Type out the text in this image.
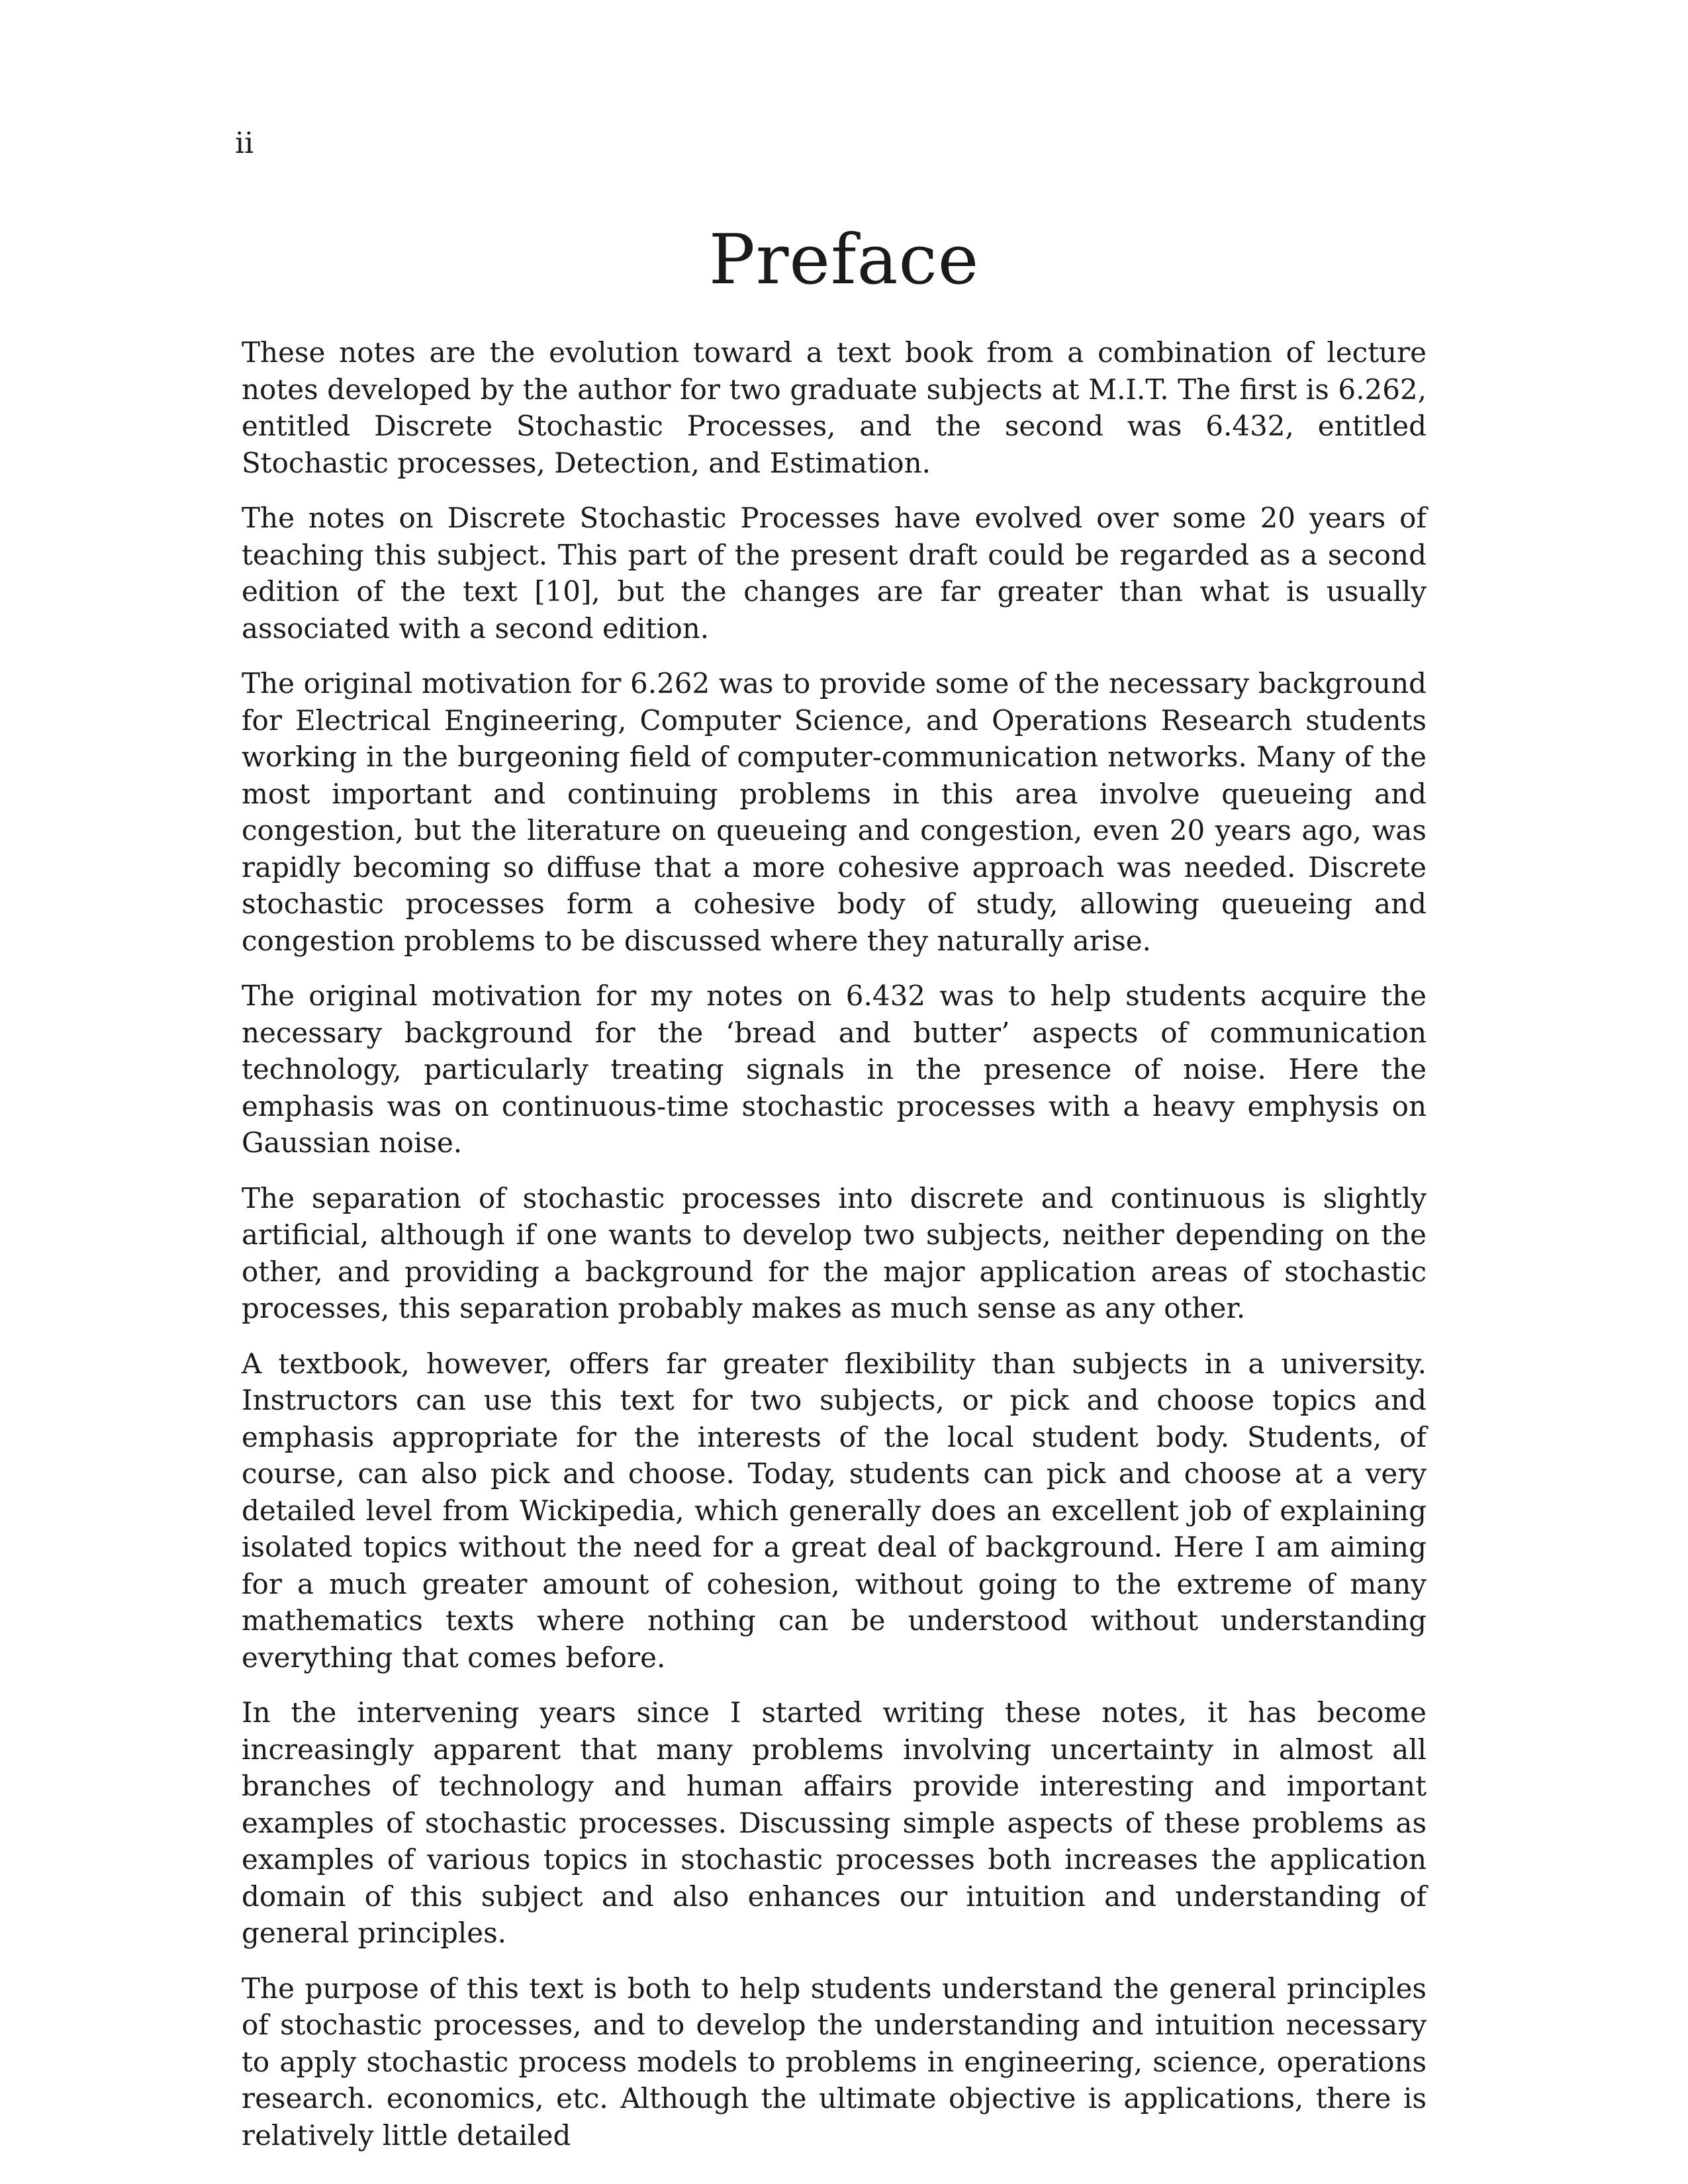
ii
Preface

These notes are the evolution toward a text book from a combination of lecture notes developed by the author for two graduate subjects at M.I.T. The first is 6.262, entitled Discrete Stochastic Processes, and the second was 6.432, entitled Stochastic processes, Detection, and Estimation.

The notes on Discrete Stochastic Processes have evolved over some 20 years of teaching this subject. This part of the present draft could be regarded as a second edition of the text [10], but the changes are far greater than what is usually associated with a second edition.

The original motivation for 6.262 was to provide some of the necessary background for Electrical Engineering, Computer Science, and Operations Research students working in the burgeoning field of computer-communication networks. Many of the most important and continuing problems in this area involve queueing and congestion, but the literature on queueing and congestion, even 20 years ago, was rapidly becoming so diffuse that a more cohesive approach was needed. Discrete stochastic processes form a cohesive body of study, allowing queueing and congestion problems to be discussed where they naturally arise.

The original motivation for my notes on 6.432 was to help students acquire the necessary background for the ‘bread and butter’ aspects of communication technology, particularly treating signals in the presence of noise. Here the emphasis was on continuous-time stochastic processes with a heavy emphysis on Gaussian noise.

The separation of stochastic processes into discrete and continuous is slightly artificial, although if one wants to develop two subjects, neither depending on the other, and providing a background for the major application areas of stochastic processes, this separation probably makes as much sense as any other.

A textbook, however, offers far greater flexibility than subjects in a university. Instructors can use this text for two subjects, or pick and choose topics and emphasis appropriate for the interests of the local student body. Students, of course, can also pick and choose. Today, students can pick and choose at a very detailed level from Wickipedia, which generally does an excellent job of explaining isolated topics without the need for a great deal of background. Here I am aiming for a much greater amount of cohesion, without going to the extreme of many mathematics texts where nothing can be understood without understanding everything that comes before.

In the intervening years since I started writing these notes, it has become increasingly apparent that many problems involving uncertainty in almost all branches of technology and human affairs provide interesting and important examples of stochastic processes. Discussing simple aspects of these problems as examples of various topics in stochastic processes both increases the application domain of this subject and also enhances our intuition and understanding of general principles.

The purpose of this text is both to help students understand the general principles of stochastic processes, and to develop the understanding and intuition necessary to apply stochastic process models to problems in engineering, science, operations research. economics, etc. Although the ultimate objective is applications, there is relatively little detailed
